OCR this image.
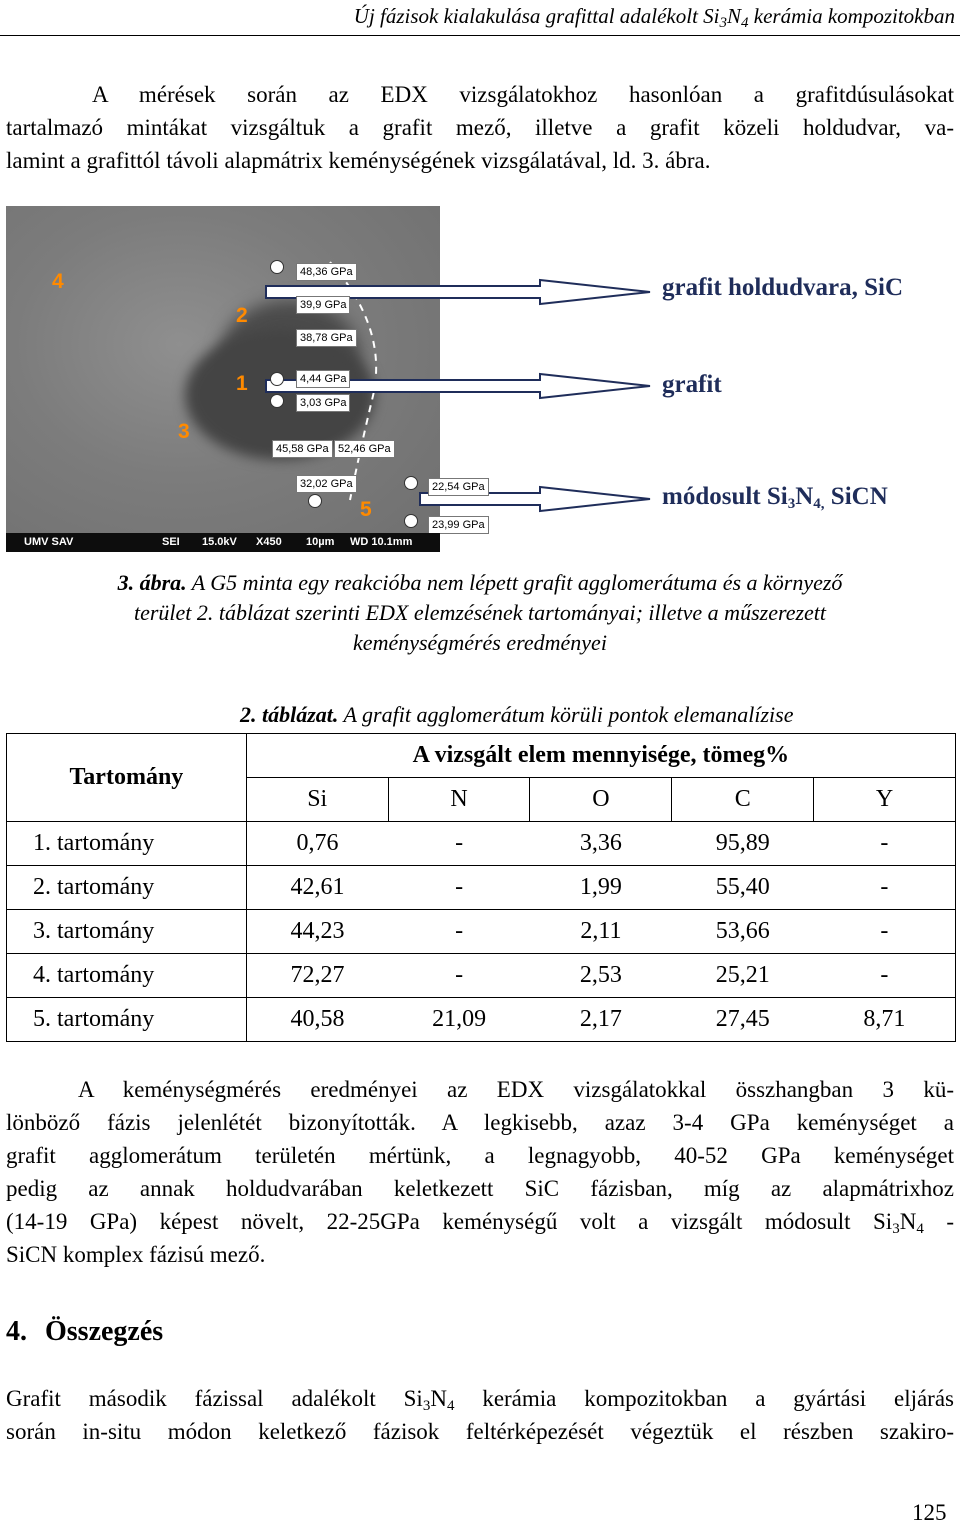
Új fázisok kialakulása grafittal adalékolt $Si_3N_4$ kerámia kompozitokban
A mérések során az EDX vizsgálatokhoz hasonlóan a grafitdúsulásokat
tartalmazó mintákat vizsgáltuk a grafit mező, illetve a grafit közeli holdudvar, va-
lamint a grafittól távoli alapmátrix keménységének vizsgálatával, ld. 3. ábra.
4
2
1
3
5
48,36 GPa
39,9 GPa
38,78 GPa
4,44 GPa
3,03 GPa
45,58 GPa 52,46 GPa
32,02 GPa	22,54 GPa
23,99 GPa
UMV SAV	SEI 15.0kV X450 10µm WD 10.1mm
grafit holdudvara, SiC
grafit
módosult $Si_3N_{4,}$ SiCN
3. ábra. A G5 minta egy reakcióba nem lépett grafit agglomerátuma és a környező
terület 2. táblázat szerinti EDX elemzésének tartományai; illetve a műszerezett
keménységmérés eredményei
2. táblázat. A grafit agglomerátum körüli pontok elemanalízise
Tartomány	A vizsgált elem mennyisége, tömeg%				
	Si	N	O	C	Y
1. tartomány	0,76	-	3,36	95,89	-
2. tartomány	42,61	-	1,99	55,40	-
3. tartomány	44,23	-	2,11	53,66	-
4. tartomány	72,27	-	2,53	25,21	-
5. tartomány	40,58	21,09	2,17	27,45	8,71
A keménységmérés eredményei az EDX vizsgálatokkal összhangban 3 kü-
lönböző fázis jelenlétét bizonyították. A legkisebb, azaz 3-4 GPa keménységet a
grafit agglomerátum területén mértünk, a legnagyobb, 40-52 GPa keménységet
pedig az annak holdudvarában keletkezett SiC fázisban, míg az alapmátrixhoz
(14-19 GPa) képest növelt, 22-25GPa keménységű volt a vizsgált módosult $Si_3N_4$ -
SiCN komplex fázisú mező.
4. Összegzés
Grafit második fázissal adalékolt $Si_3N_4$ kerámia kompozitokban a gyártási eljárás
során in-situ módon keletkező fázisok feltérképezését végeztük el részben szakiro-
125
